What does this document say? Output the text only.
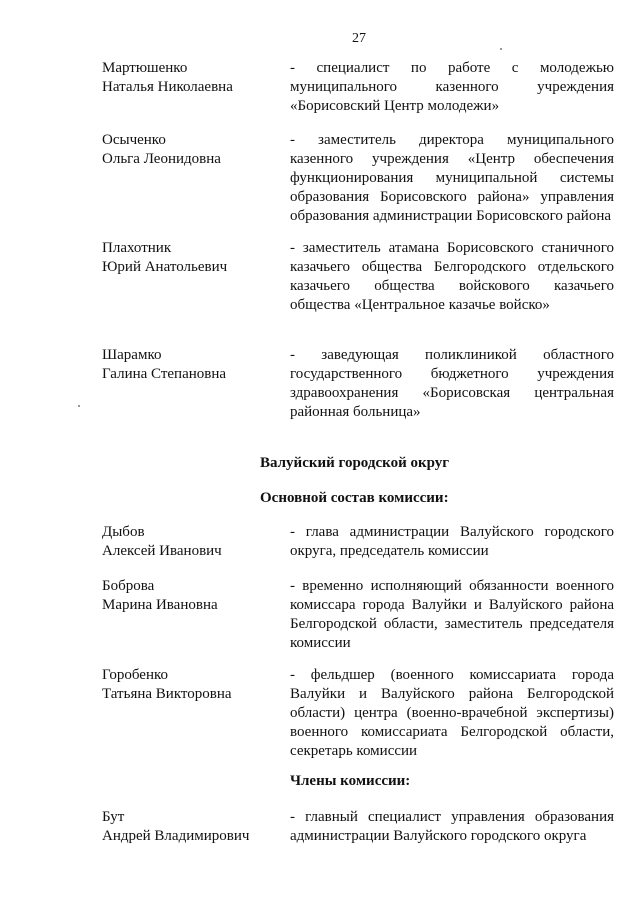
27
Мартюшенко
Наталья Николаевна
- специалист по работе с молодежью муниципального казенного учреждения «Борисовский Центр молодежи»
Осыченко
Ольга Леонидовна
- заместитель директора муниципального казенного учреждения «Центр обеспечения функционирования муниципальной системы образования Борисовского района» управления образования администрации Борисовского района
Плахотник
Юрий Анатольевич
- заместитель атамана Борисовского станичного казачьего общества Белгородского отдельского казачьего общества войскового казачьего общества «Центральное казачье войско»
Шарамко
Галина Степановна
- заведующая поликлиникой областного государственного бюджетного учреждения здравоохранения «Борисовская центральная районная больница»
Валуйский городской округ
Основной состав комиссии:
Дыбов
Алексей Иванович
- глава администрации Валуйского городского округа, председатель комиссии
Боброва
Марина Ивановна
- временно исполняющий обязанности военного комиссара города Валуйки и Валуйского района Белгородской области, заместитель председателя комиссии
Горобенко
Татьяна Викторовна
- фельдшер (военного комиссариата города Валуйки и Валуйского района Белгородской области) центра (военно-врачебной экспертизы) военного комиссариата Белгородской области, секретарь комиссии
Члены комиссии:
Бут
Андрей Владимирович
- главный специалист управления образования администрации Валуйского городского округа
